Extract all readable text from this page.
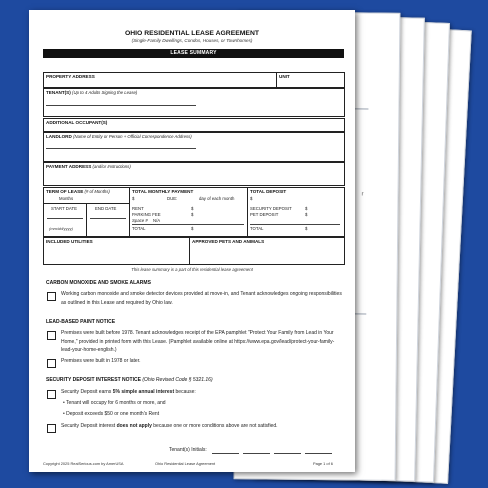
r
OHIO RESIDENTIAL LEASE AGREEMENT
(Single-Family Dwellings, Condos, Houses, or Townhomes)
LEASE SUMMARY
PROPERTY ADDRESS	UNIT
TENANT(S) (Up to 4 Adults Signing the Lease)
ADDITIONAL OCCUPANT(S)
LANDLORD (Name of Entity or Person + Official Correspondence Address)
PAYMENT ADDRESS (and/or Instructions)
TERM OF LEASE (# of Months)
Months
START DATE	END DATE
(mm/dd/yyyy)
TOTAL MONTHLY PAYMENT
$	DUE:	day of each month
RENT	$
PARKING FEE	$
Space # N/A
TOTAL	$
TOTAL DEPOSIT
$
SECURITY DEPOSIT	$
PET DEPOSIT	$
TOTAL	$
INCLUDED UTILITIES	APPROVED PETS AND ANIMALS
This lease summary is a part of this residential lease agreement
CARBON MONOXIDE AND SMOKE ALARMS
Working carbon monoxide and smoke detector devices provided at move-in, and Tenant acknowledges ongoing responsibilities as outlined in this Lease and required by Ohio law.
LEAD-BASED PAINT NOTICE
Premises were built before 1978. Tenant acknowledges receipt of the EPA pamphlet "Protect Your Family from Lead in Your Home," provided in printed form with this Lease. (Pamphlet available online at https://www.epa.gov/lead/protect-your-family-lead-your-home-english.)
Premises were built in 1978 or later.
SECURITY DEPOSIT INTEREST NOTICE (Ohio Revised Code § 5321.16)
Security Deposit earns 5% simple annual interest because:
• Tenant will occupy for 6 months or more, and
• Deposit exceeds $50 or one month's Rent
Security Deposit interest does not apply because one or more conditions above are not satisfied.
Tenant(s) Initials:
Copyright 2025 RealSerious.com by AmerUSA	Ohio Residential Lease Agreement	Page 1 of 6
